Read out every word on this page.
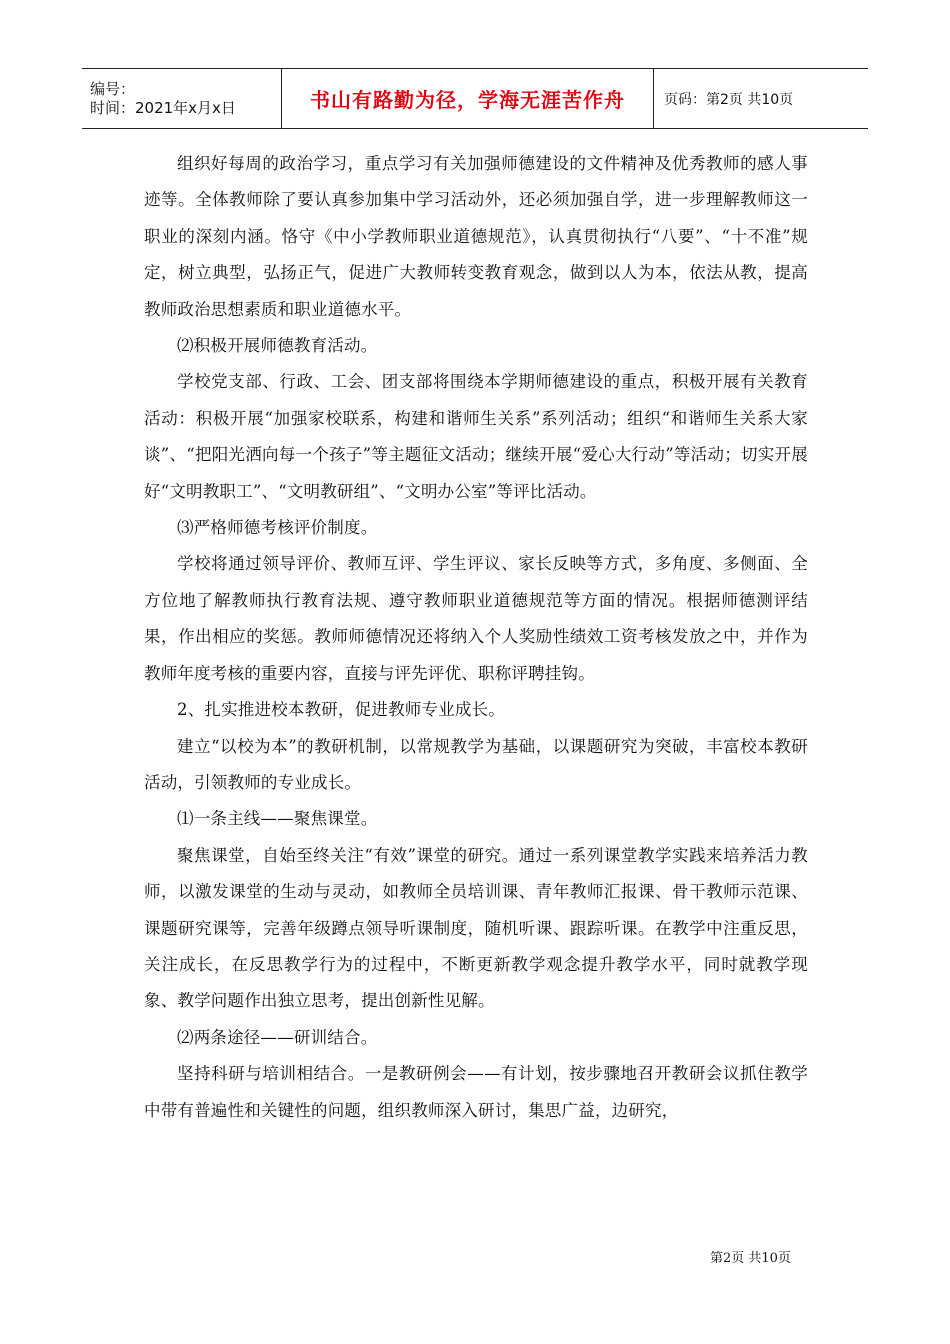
编号：
时间：2021年x月x日	书山有路勤为径，学海无涯苦作舟	页码：第2页 共10页

组织好每周的政治学习，重点学习有关加强师德建设的文件精神及优秀教师的感人事迹等。全体教师除了要认真参加集中学习活动外，还必须加强自学，进一步理解教师这一职业的深刻内涵。恪守《中小学教师职业道德规范》，认真贯彻执行“八要”、“十不准”规定，树立典型，弘扬正气，促进广大教师转变教育观念，做到以人为本，依法从教，提高教师政治思想素质和职业道德水平。

⑵积极开展师德教育活动。

学校党支部、行政、工会、团支部将围绕本学期师德建设的重点，积极开展有关教育活动：积极开展“加强家校联系，构建和谐师生关系”系列活动；组织“和谐师生关系大家谈”、“把阳光洒向每一个孩子”等主题征文活动；继续开展“爱心大行动”等活动；切实开展好“文明教职工”、“文明教研组”、“文明办公室”等评比活动。

⑶严格师德考核评价制度。

学校将通过领导评价、教师互评、学生评议、家长反映等方式，多角度、多侧面、全方位地了解教师执行教育法规、遵守教师职业道德规范等方面的情况。根据师德测评结果，作出相应的奖惩。教师师德情况还将纳入个人奖励性绩效工资考核发放之中，并作为教师年度考核的重要内容，直接与评先评优、职称评聘挂钩。

2、扎实推进校本教研，促进教师专业成长。

建立“以校为本”的教研机制，以常规教学为基础，以课题研究为突破，丰富校本教研活动，引领教师的专业成长。

⑴一条主线——聚焦课堂。

聚焦课堂，自始至终关注“有效”课堂的研究。通过一系列课堂教学实践来培养活力教师，以激发课堂的生动与灵动，如教师全员培训课、青年教师汇报课、骨干教师示范课、课题研究课等，完善年级蹲点领导听课制度，随机听课、跟踪听课。在教学中注重反思，关注成长，在反思教学行为的过程中，不断更新教学观念提升教学水平，同时就教学现象、教学问题作出独立思考，提出创新性见解。

⑵两条途径——研训结合。

坚持科研与培训相结合。一是教研例会——有计划，按步骤地召开教研会议抓住教学中带有普遍性和关键性的问题，组织教师深入研讨，集思广益，边研究，

第2页 共10页
